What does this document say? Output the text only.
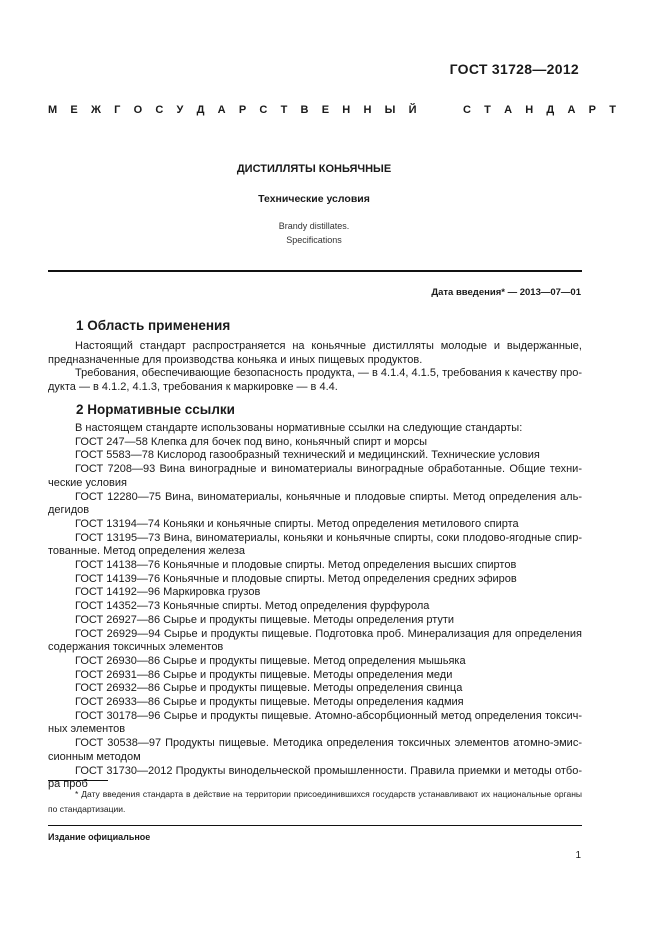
ГОСТ 31728—2012
М Е Ж Г О С У Д А Р С Т В Е Н Н Ы Й	С Т А Н Д А Р Т
ДИСТИЛЛЯТЫ КОНЬЯЧНЫЕ
Технические условия
Brandy distillates.
Specifications
Дата введения* — 2013—07—01
1 Область применения

Настоящий стандарт распространяется на коньячные дистилляты молодые и выдержанные, предназначенные для производства коньяка и иных пищевых продуктов.

Требования, обеспечивающие безопасность продукта, — в 4.1.4, 4.1.5, требования к качеству продукта — в 4.1.2, 4.1.3, требования к маркировке — в 4.4.

2 Нормативные ссылки

В настоящем стандарте использованы нормативные ссылки на следующие стандарты:

ГОСТ 247—58 Клепка для бочек под вино, коньячный спирт и морсы

ГОСТ 5583—78 Кислород газообразный технический и медицинский. Технические условия

ГОСТ 7208—93 Вина виноградные и виноматериалы виноградные обработанные. Общие технические условия

ГОСТ 12280—75 Вина, виноматериалы, коньячные и плодовые спирты. Метод определения альдегидов

ГОСТ 13194—74 Коньяки и коньячные спирты. Метод определения метилового спирта

ГОСТ 13195—73 Вина, виноматериалы, коньяки и коньячные спирты, соки плодово-ягодные спиртованные. Метод определения железа

ГОСТ 14138—76 Коньячные и плодовые спирты. Метод определения высших спиртов

ГОСТ 14139—76 Коньячные и плодовые спирты. Метод определения средних эфиров

ГОСТ 14192—96 Маркировка грузов

ГОСТ 14352—73 Коньячные спирты. Метод определения фурфурола

ГОСТ 26927—86 Сырье и продукты пищевые. Методы определения ртути

ГОСТ 26929—94 Сырье и продукты пищевые. Подготовка проб. Минерализация для определения содержания токсичных элементов

ГОСТ 26930—86 Сырье и продукты пищевые. Метод определения мышьяка

ГОСТ 26931—86 Сырье и продукты пищевые. Методы определения меди

ГОСТ 26932—86 Сырье и продукты пищевые. Методы определения свинца

ГОСТ 26933—86 Сырье и продукты пищевые. Методы определения кадмия

ГОСТ 30178—96 Сырье и продукты пищевые. Атомно-абсорбционный метод определения токсичных элементов

ГОСТ 30538—97 Продукты пищевые. Методика определения токсичных элементов атомно-эмиссионным методом

ГОСТ 31730—2012 Продукты винодельческой промышленности. Правила приемки и методы отбора проб

* Дату введения стандарта в действие на территории присоединившихся государств устанавливают их национальные органы по стандартизации.

Издание официальное
1
